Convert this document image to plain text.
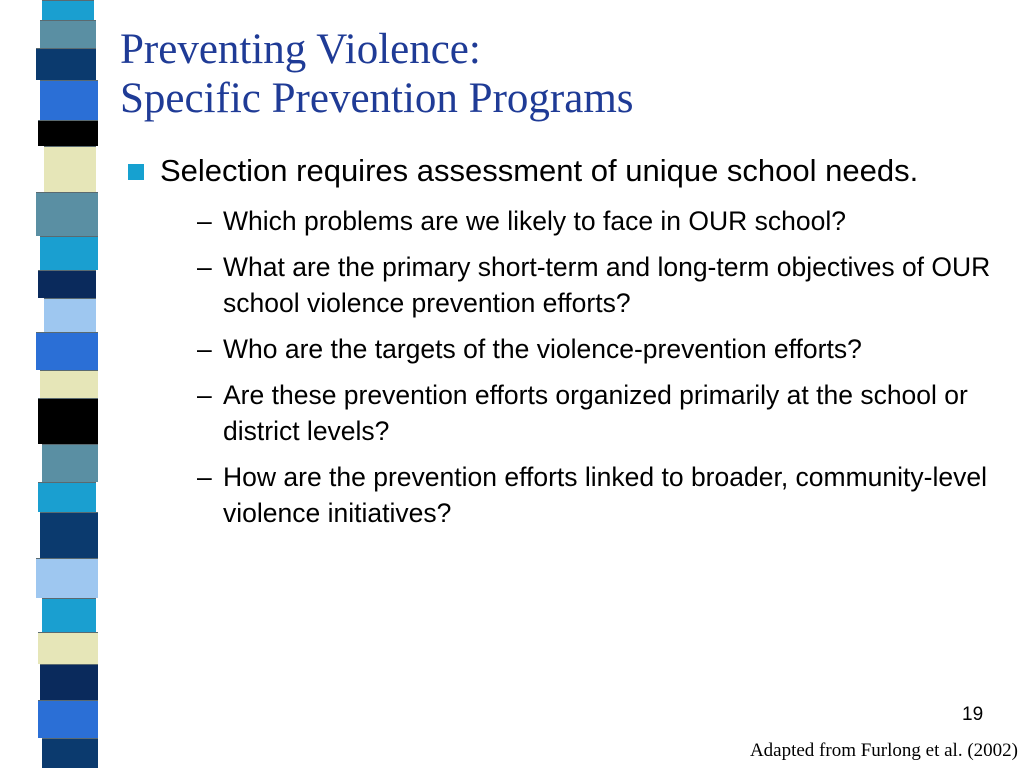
Preventing Violence:
Specific Prevention Programs
Selection requires assessment of unique school needs.
– Which problems are we likely to face in OUR school?
– What are the primary short-term and long-term objectives of OUR school violence prevention efforts?
– Who are the targets of the violence-prevention efforts?
– Are these prevention efforts organized primarily at the school or district levels?
– How are the prevention efforts linked to broader, community-level violence initiatives?
19
Adapted from Furlong et al. (2002)
